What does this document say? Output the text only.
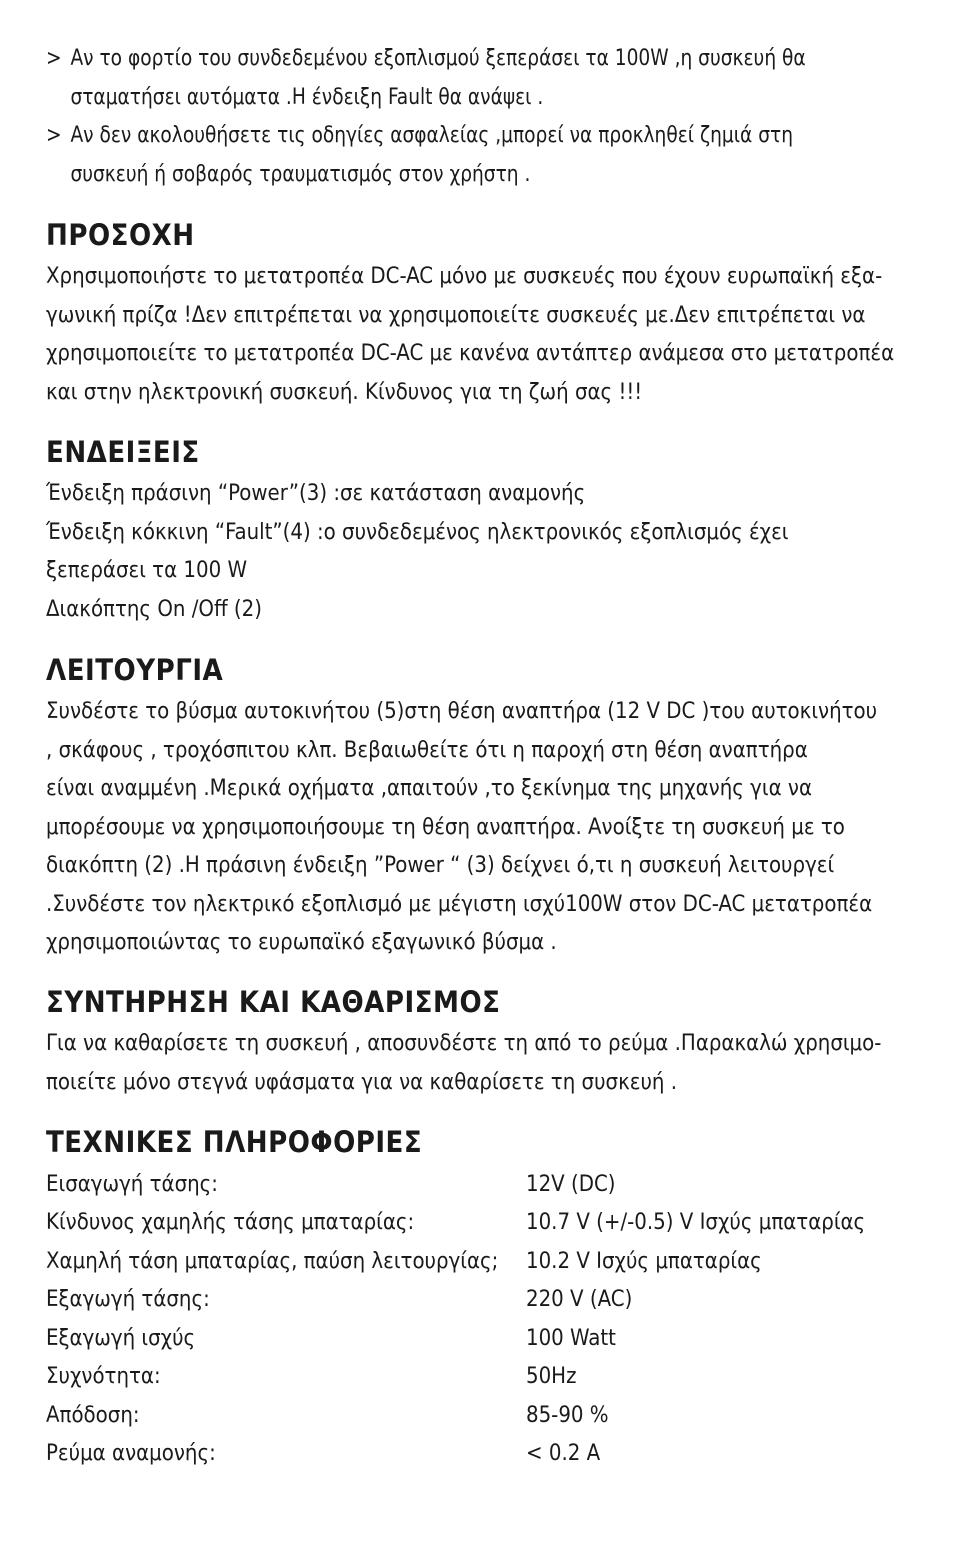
> Αν το φορτίο του συνδεδεμένου εξοπλισμού ξεπεράσει τα 100W ,η συσκευή θα
σταματήσει αυτόματα .Η ένδειξη Fault θα ανάψει .
> Αν δεν ακολουθήσετε τις οδηγίες ασφαλείας ,μπορεί να προκληθεί ζημιά στη
συσκευή ή σοβαρός τραυματισμός στον χρήστη .
ΠΡΟΣΟΧΗ

Χρησιμοποιήστε το μετατροπέα DC-AC μόνο με συσκευές που έχουν ευρωπαϊκή εξα-
γωνική πρίζα !Δεν επιτρέπεται να χρησιμοποιείτε συσκευές με.Δεν επιτρέπεται να
χρησιμοποιείτε το μετατροπέα DC-AC με κανένα αντάπτερ ανάμεσα στο μετατροπέα
και στην ηλεκτρονική συσκευή. Κίνδυνος για τη ζωή σας !!!

ΕΝΔΕΙΞΕΙΣ

Ένδειξη πράσινη “Power”(3) :σε κατάσταση αναμονής
Ένδειξη κόκκινη “Fault”(4) :ο συνδεδεμένος ηλεκτρονικός εξοπλισμός έχει
ξεπεράσει τα 100 W
Διακόπτης On /Off (2)

ΛΕΙΤΟΥΡΓΙΑ

Συνδέστε το βύσμα αυτοκινήτου (5)στη θέση αναπτήρα (12 V DC )του αυτοκινήτου
, σκάφους , τροχόσπιτου κλπ. Βεβαιωθείτε ότι η παροχή στη θέση αναπτήρα
είναι αναμμένη .Μερικά οχήματα ,απαιτούν ,το ξεκίνημα της μηχανής για να
μπορέσουμε να χρησιμοποιήσουμε τη θέση αναπτήρα. Ανοίξτε τη συσκευή με το
διακόπτη (2) .Η πράσινη ένδειξη ”Power “ (3) δείχνει ό,τι η συσκευή λειτουργεί
.Συνδέστε τον ηλεκτρικό εξοπλισμό με μέγιστη ισχύ100W στον DC-AC μετατροπέα
χρησιμοποιώντας το ευρωπαϊκό εξαγωνικό βύσμα .

ΣΥΝΤΗΡΗΣΗ ΚΑΙ ΚΑΘΑΡΙΣΜΟΣ

Για να καθαρίσετε τη συσκευή , αποσυνδέστε τη από το ρεύμα .Παρακαλώ χρησιμο-
ποιείτε μόνο στεγνά υφάσματα για να καθαρίσετε τη συσκευή .

ΤΕΧΝΙΚΕΣ ΠΛΗΡΟΦΟΡΙΕΣ
Εισαγωγή τάσης:	12V (DC)
Κίνδυνος χαμηλής τάσης μπαταρίας:	10.7 V (+/-0.5) V Ισχύς μπαταρίας
Χαμηλή τάση μπαταρίας, παύση λειτουργίας;	10.2 V Ισχύς μπαταρίας
Εξαγωγή τάσης:	220 V (AC)
Εξαγωγή ισχύς	100 Watt
Συχνότητα:	50Hz
Απόδοση:	85-90 %
Ρεύμα αναμονής:	< 0.2 A
